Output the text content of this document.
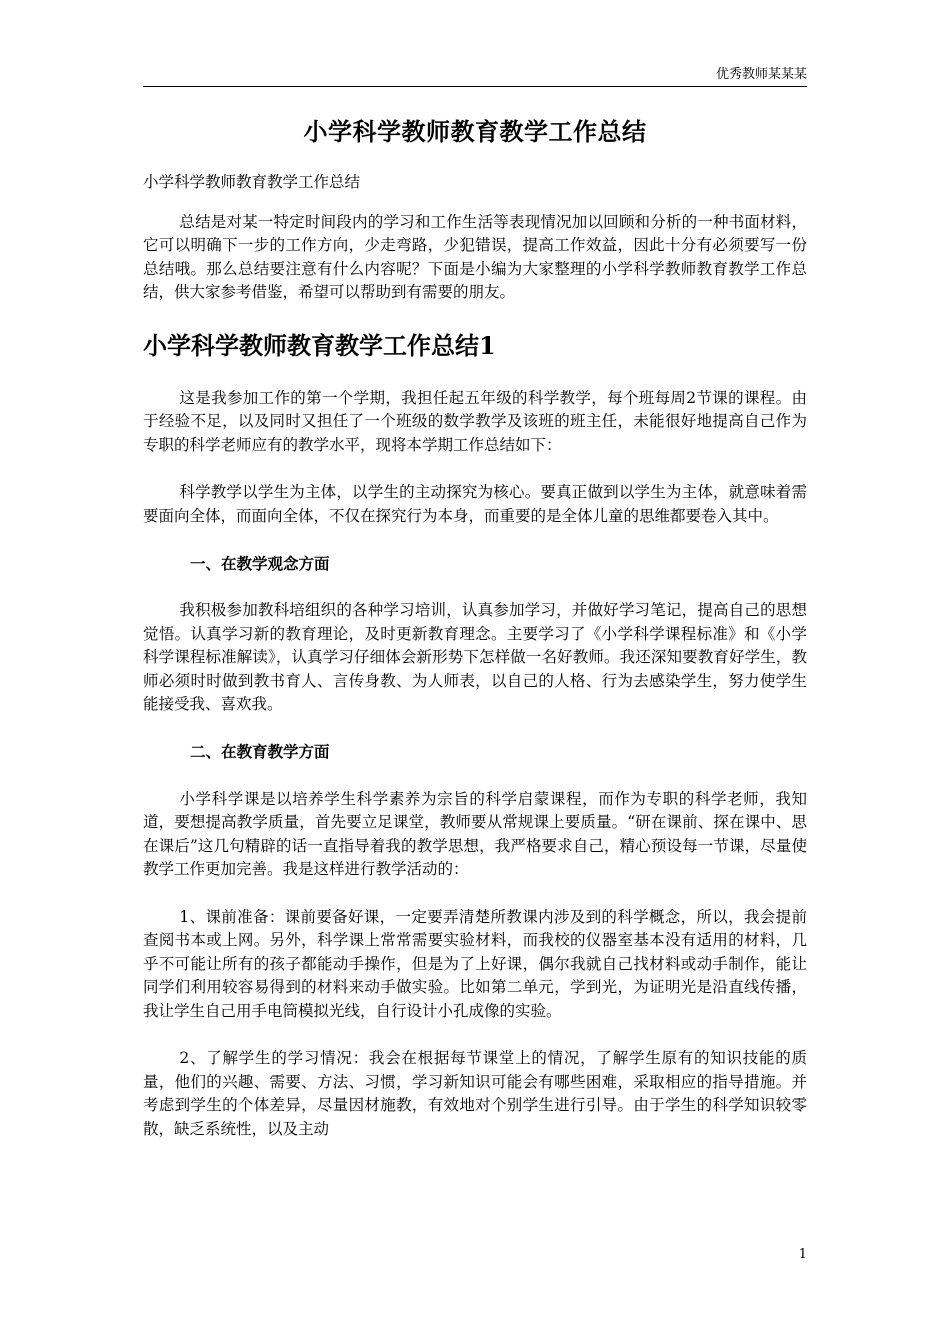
优秀教师某某某
小学科学教师教育教学工作总结

小学科学教师教育教学工作总结

总结是对某一特定时间段内的学习和工作生活等表现情况加以回顾和分析的一种书面材料，它可以明确下一步的工作方向，少走弯路，少犯错误，提高工作效益，因此十分有必须要写一份总结哦。那么总结要注意有什么内容呢？下面是小编为大家整理的小学科学教师教育教学工作总结，供大家参考借鉴，希望可以帮助到有需要的朋友。

小学科学教师教育教学工作总结1

这是我参加工作的第一个学期，我担任起五年级的科学教学，每个班每周2节课的课程。由于经验不足，以及同时又担任了一个班级的数学教学及该班的班主任，未能很好地提高自己作为专职的科学老师应有的教学水平，现将本学期工作总结如下：

科学教学以学生为主体，以学生的主动探究为核心。要真正做到以学生为主体，就意味着需要面向全体，而面向全体，不仅在探究行为本身，而重要的是全体儿童的思维都要卷入其中。

一、在教学观念方面

我积极参加教科培组织的各种学习培训，认真参加学习，并做好学习笔记，提高自己的思想觉悟。认真学习新的教育理论，及时更新教育理念。主要学习了《小学科学课程标准》和《小学科学课程标准解读》，认真学习仔细体会新形势下怎样做一名好教师。我还深知要教育好学生，教师必须时时做到教书育人、言传身教、为人师表，以自己的人格、行为去感染学生，努力使学生能接受我、喜欢我。

二、在教育教学方面

小学科学课是以培养学生科学素养为宗旨的科学启蒙课程，而作为专职的科学老师，我知道，要想提高教学质量，首先要立足课堂，教师要从常规课上要质量。“研在课前、探在课中、思在课后”这几句精辟的话一直指导着我的教学思想，我严格要求自己，精心预设每一节课，尽量使教学工作更加完善。我是这样进行教学活动的：

1、课前准备：课前要备好课，一定要弄清楚所教课内涉及到的科学概念，所以，我会提前查阅书本或上网。另外，科学课上常常需要实验材料，而我校的仪器室基本没有适用的材料，几乎不可能让所有的孩子都能动手操作，但是为了上好课，偶尔我就自己找材料或动手制作，能让同学们利用较容易得到的材料来动手做实验。比如第二单元，学到光，为证明光是沿直线传播，我让学生自己用手电筒模拟光线，自行设计小孔成像的实验。

2、了解学生的学习情况：我会在根据每节课堂上的情况，了解学生原有的知识技能的质量，他们的兴趣、需要、方法、习惯，学习新知识可能会有哪些困难，采取相应的指导措施。并考虑到学生的个体差异，尽量因材施教，有效地对个别学生进行引导。由于学生的科学知识较零散，缺乏系统性，以及主动

1
